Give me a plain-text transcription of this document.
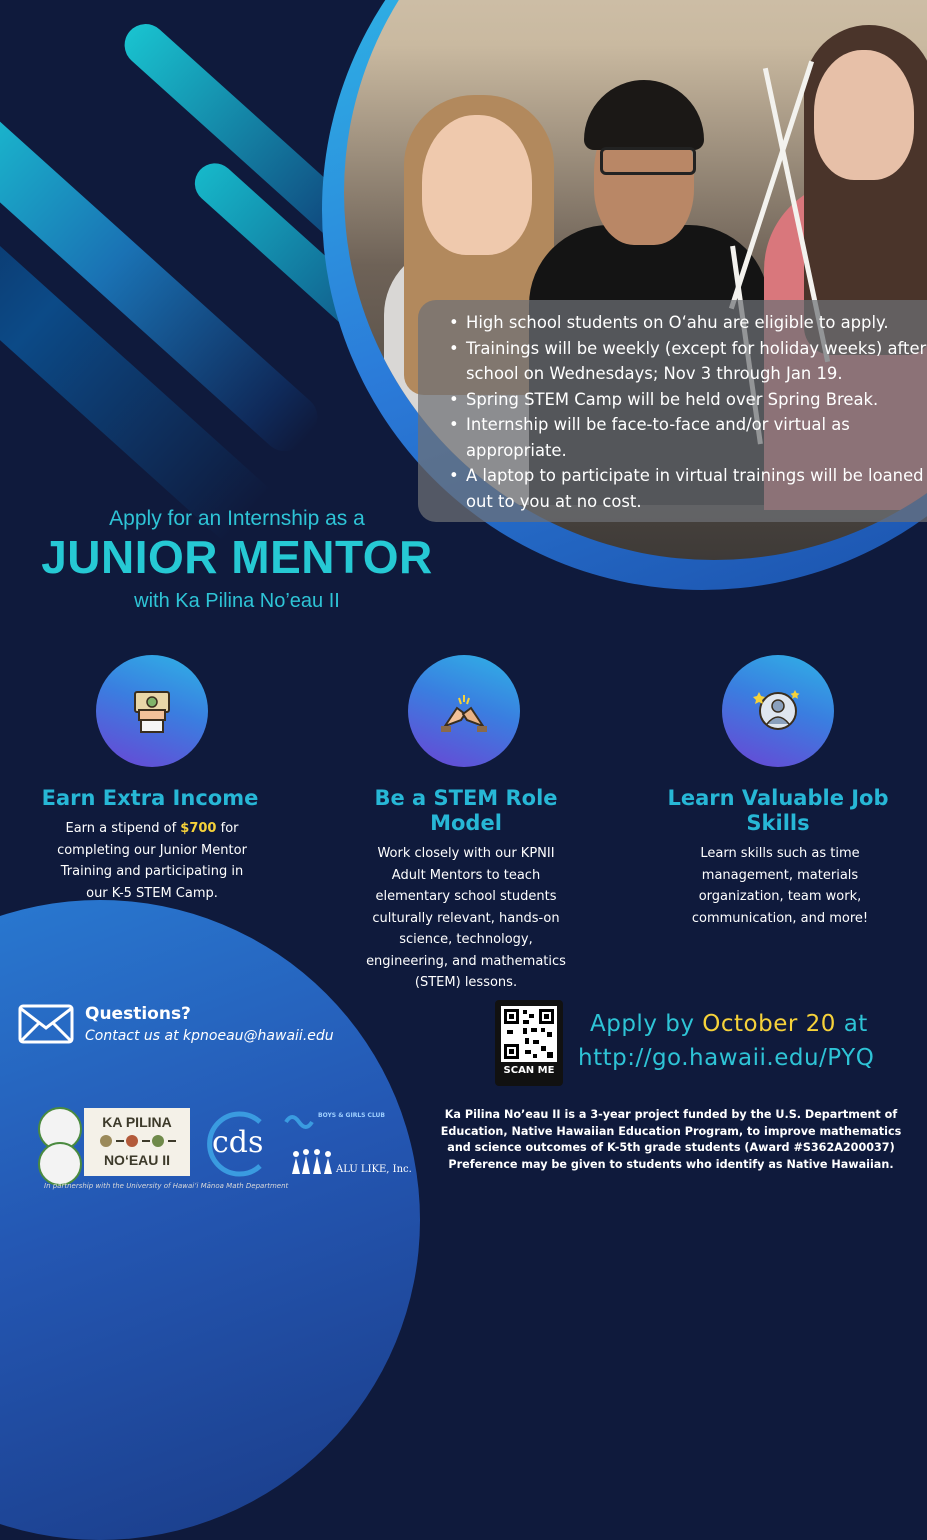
• High school students on Oʻahu are eligible to apply.
• Trainings will be weekly (except for holiday weeks) after school on Wednesdays; Nov 3 through Jan 19.
• Spring STEM Camp will be held over Spring Break.
• Internship will be face-to-face and/or virtual as appropriate.
• A laptop to participate in virtual trainings will be loaned out to you at no cost.
Apply for an Internship as a
JUNIOR MENTOR
with Ka Pilina No’eau II
Earn Extra Income
Earn a stipend of $700 for completing our Junior Mentor Training and participating in our K-5 STEM Camp.
Be a STEM Role Model
Work closely with our KPNII Adult Mentors to teach elementary school students culturally relevant, hands-on science, technology, engineering, and mathematics (STEM) lessons.
Learn Valuable Job Skills
Learn skills such as time management, materials organization, team work, communication, and more!
Questions?
Contact us at kpnoeau@hawaii.edu
SCAN ME
Apply by October 20 at
http://go.hawaii.edu/PYQ
KA PILINA
NOʻEAU II
In partnership with the University of Hawaiʻi Mānoa Math Department
cds
BOYS & GIRLS CLUB
ALU LIKE, Inc.
Ka Pilina No’eau II is a 3-year project funded by the U.S. Department of Education, Native Hawaiian Education Program, to improve mathematics and science outcomes of K-5th grade students (Award #S362A200037) Preference may be given to students who identify as Native Hawaiian.
